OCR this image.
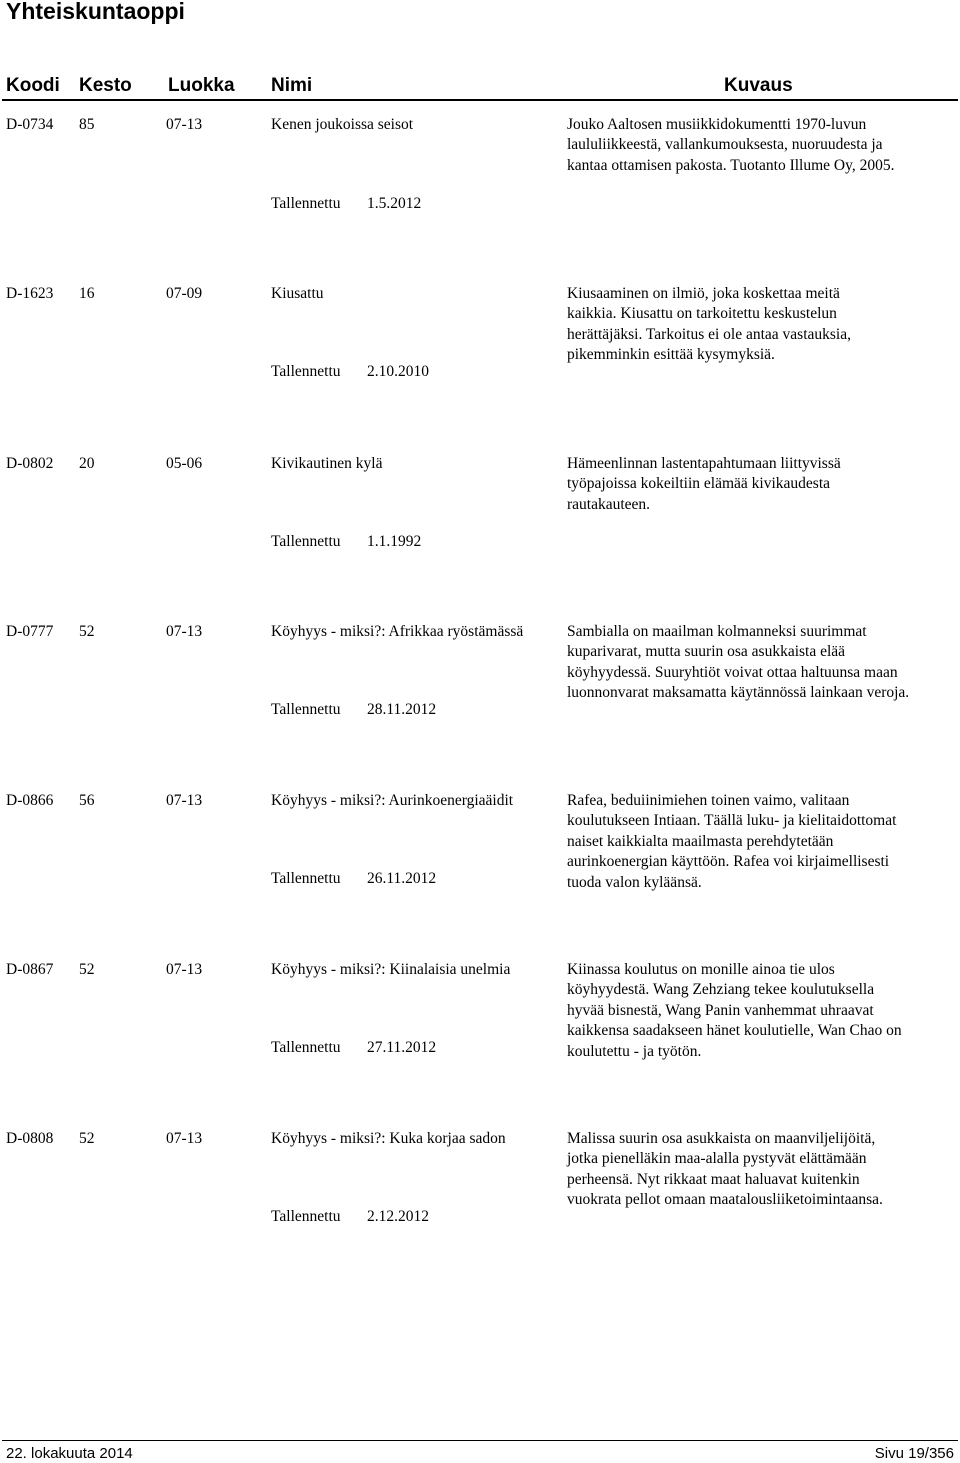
Yhteiskuntaoppi
Koodi Kesto Luokka Nimi	Kuvaus
D-0734 85	07-13	Kenen joukoissa seisot	Jouko Aaltosen musiikkidokumentti 1970-luvun
laululiikkeestä, vallankumouksesta, nuoruudesta ja
kantaa ottamisen pakosta. Tuotanto Illume Oy, 2005.
Tallennettu 1.5.2012
D-1623 16	07-09	Kiusattu	Kiusaaminen on ilmiö, joka koskettaa meitä
kaikkia. Kiusattu on tarkoitettu keskustelun
herättäjäksi. Tarkoitus ei ole antaa vastauksia,
pikemminkin esittää kysymyksiä.
Tallennettu 2.10.2010
D-0802 20	05-06	Kivikautinen kylä	Hämeenlinnan lastentapahtumaan liittyvissä
työpajoissa kokeiltiin elämää kivikaudesta
rautakauteen.
Tallennettu 1.1.1992
D-0777 52	07-13	Köyhyys - miksi?: Afrikkaa ryöstämässä	Sambialla on maailman kolmanneksi suurimmat
kuparivarat, mutta suurin osa asukkaista elää
köyhyydessä. Suuryhtiöt voivat ottaa haltuunsa maan
luonnonvarat maksamatta käytännössä lainkaan veroja.
Tallennettu 28.11.2012
D-0866 56	07-13	Köyhyys - miksi?: Aurinkoenergiaäidit	Rafea, beduiinimiehen toinen vaimo, valitaan
koulutukseen Intiaan. Täällä luku- ja kielitaidottomat
naiset kaikkialta maailmasta perehdytetään
aurinkoenergian käyttöön. Rafea voi kirjaimellisesti
tuoda valon kyläänsä.
Tallennettu 26.11.2012
D-0867 52	07-13	Köyhyys - miksi?: Kiinalaisia unelmia	Kiinassa koulutus on monille ainoa tie ulos
köyhyydestä. Wang Zehziang tekee koulutuksella
hyvää bisnestä, Wang Panin vanhemmat uhraavat
kaikkensa saadakseen hänet koulutielle, Wan Chao on
koulutettu - ja työtön.
Tallennettu 27.11.2012
D-0808 52	07-13	Köyhyys - miksi?: Kuka korjaa sadon	Malissa suurin osa asukkaista on maanviljelijöitä,
jotka pienelläkin maa-alalla pystyvät elättämään
perheensä. Nyt rikkaat maat haluavat kuitenkin
vuokrata pellot omaan maatalousliiketoimintaansa.
Tallennettu 2.12.2012
22. lokakuuta 2014	Sivu 19/356
